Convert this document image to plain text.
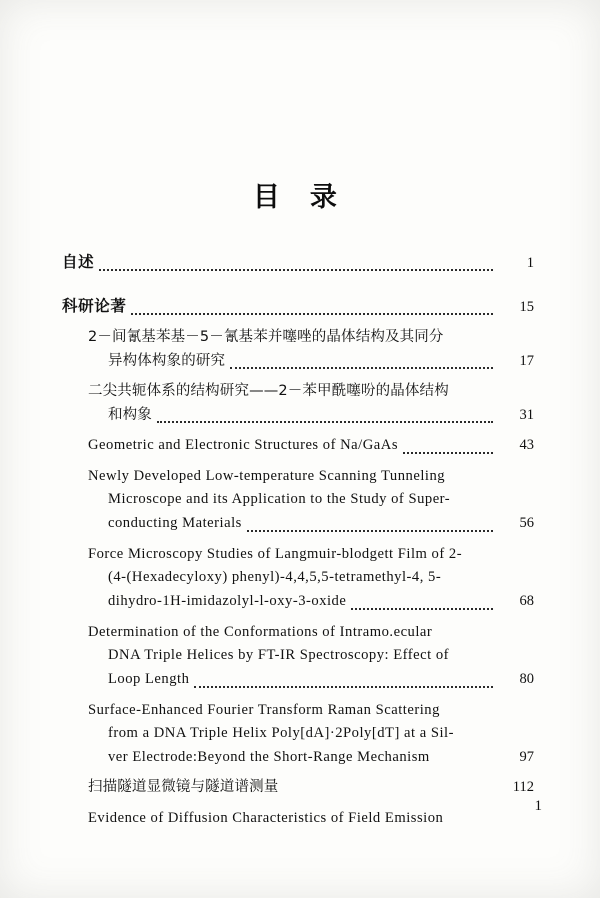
目 录
自述	1
科研论著	15
2－间氰基苯基－5－氰基苯并噻唑的晶体结构及其同分
异构体构象的研究	17
二尖共轭体系的结构研究——2－苯甲酰噻吩的晶体结构
和构象	31
Geometric and Electronic Structures of Na/GaAs	43
Newly Developed Low-temperature Scanning Tunneling
Microscope and its Application to the Study of Super-
conducting Materials	56
Force Microscopy Studies of Langmuir-blodgett Film of 2-
(4-(Hexadecyloxy) phenyl)-4,4,5,5-tetramethyl-4, 5-
dihydro-1H-imidazolyl-l-oxy-3-oxide	68
Determination of the Conformations of Intramo.ecular
DNA Triple Helices by FT-IR Spectroscopy: Effect of
Loop Length	80
Surface-Enhanced Fourier Transform Raman Scattering
from a DNA Triple Helix Poly[dA]·2Poly[dT] at a Sil-
ver Electrode:Beyond the Short-Range Mechanism	97
扫描隧道显微镜与隧道谱测量	112
Evidence of Diffusion Characteristics of Field Emission
1
